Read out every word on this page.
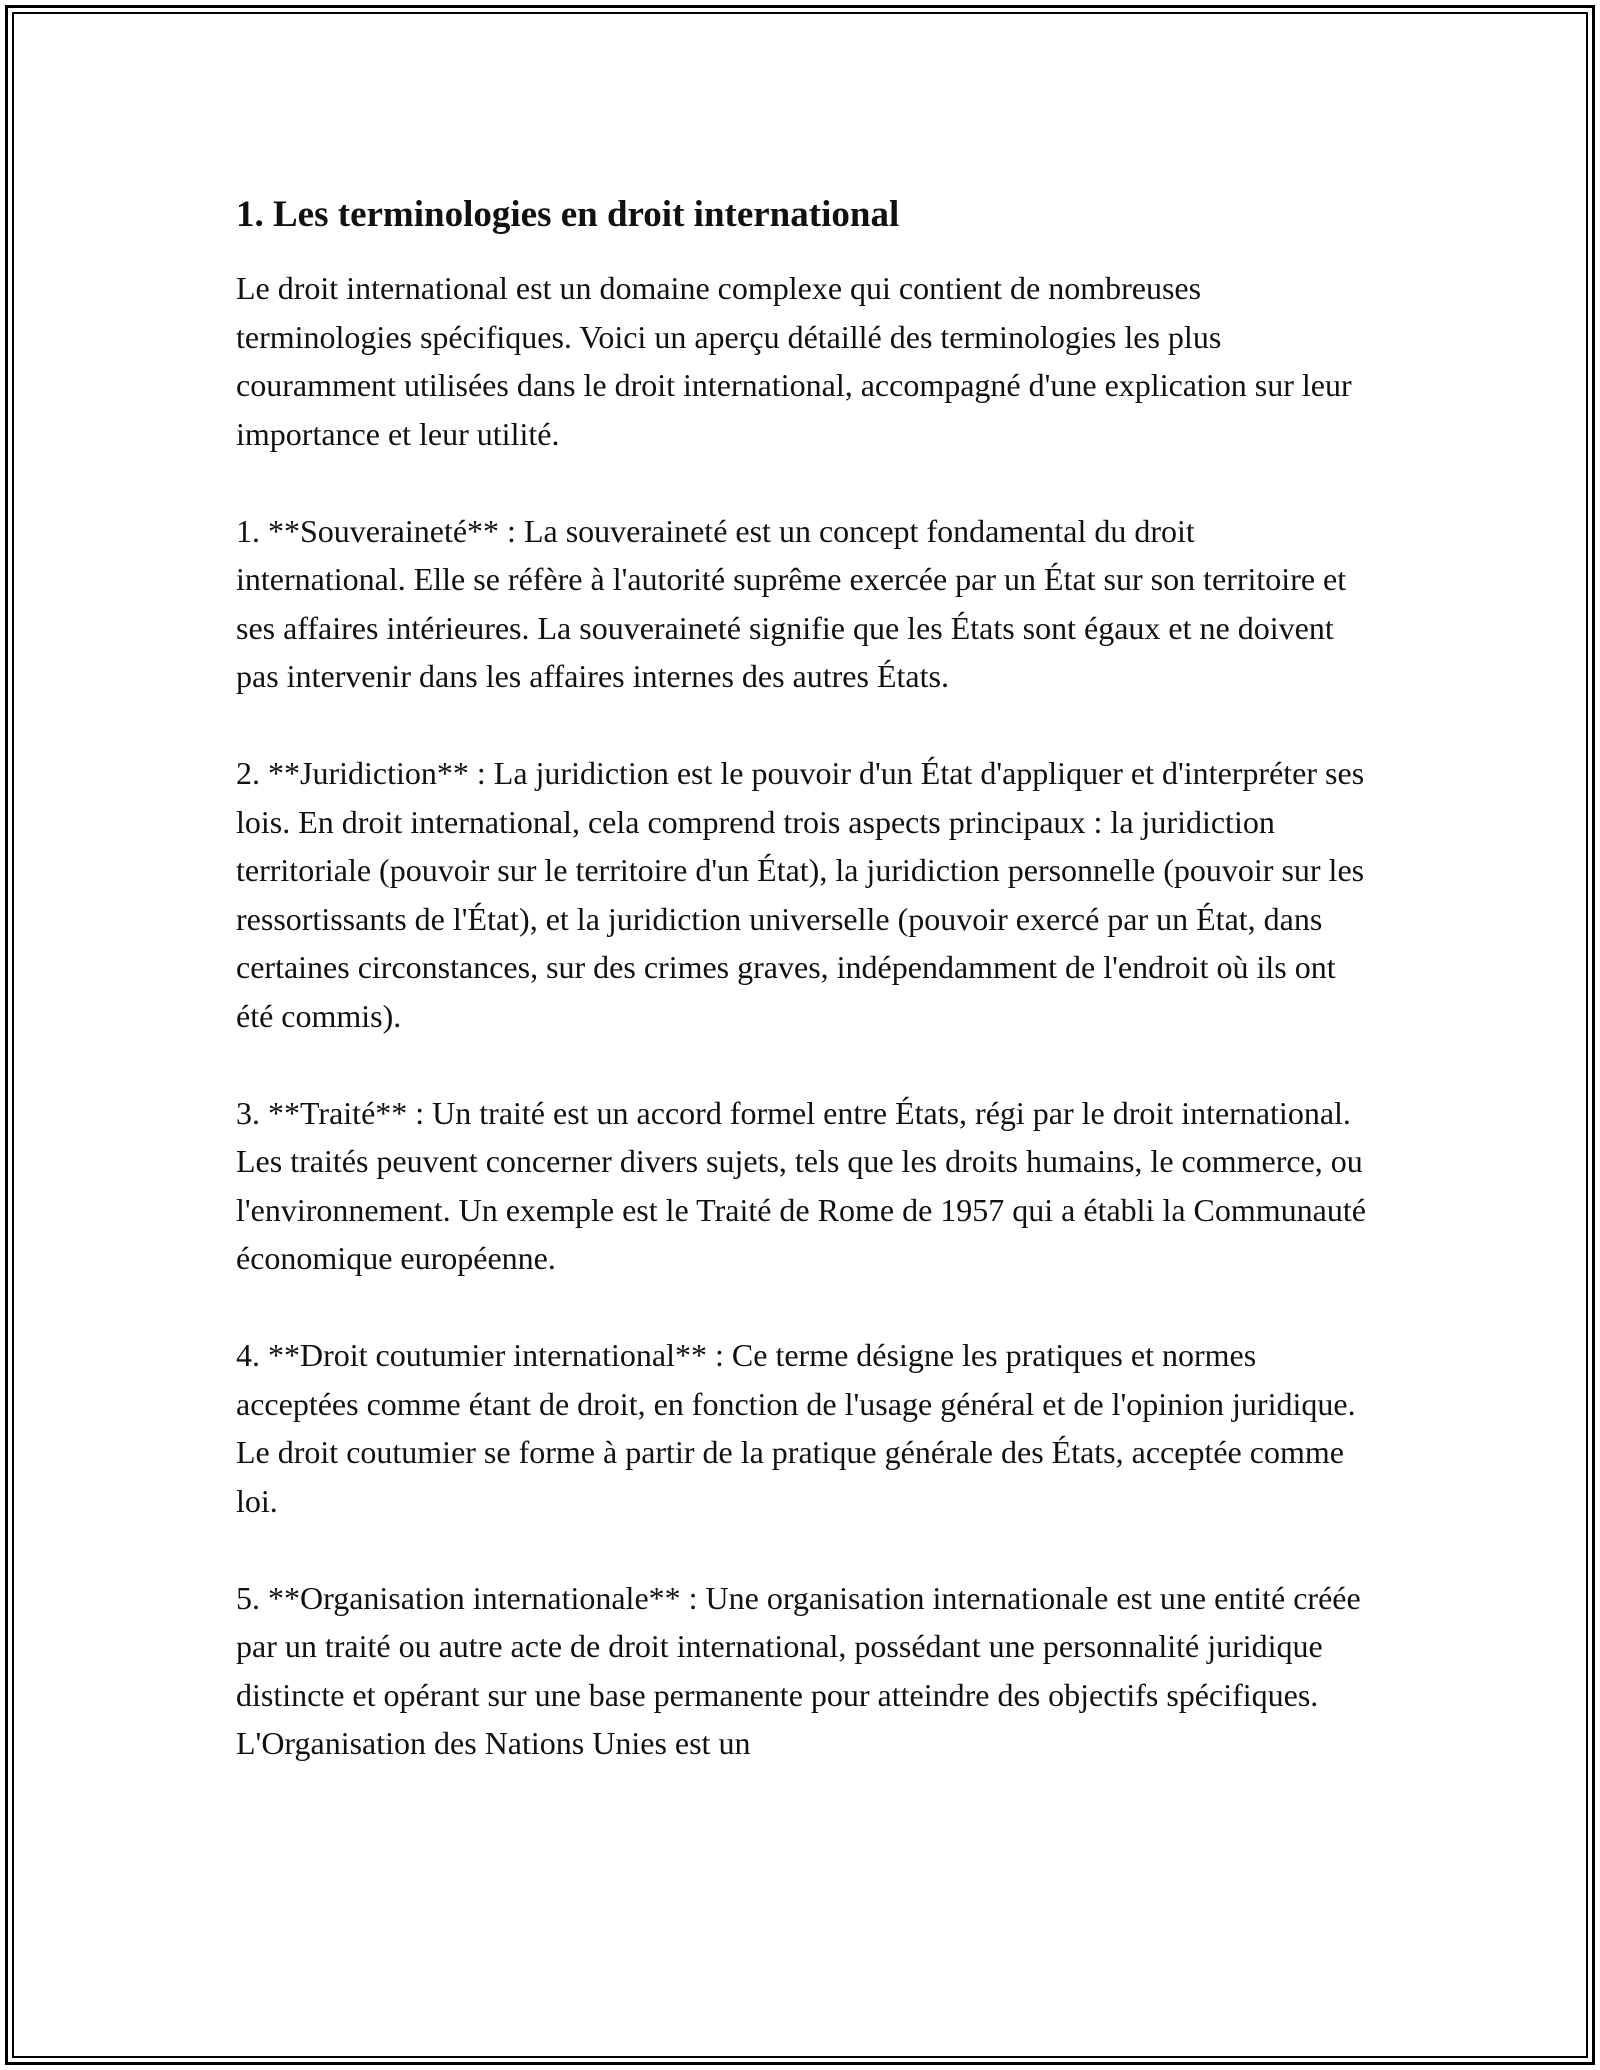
1. Les terminologies en droit international

Le droit international est un domaine complexe qui contient de nombreuses terminologies spécifiques. Voici un aperçu détaillé des terminologies les plus couramment utilisées dans le droit international, accompagné d'une explication sur leur importance et leur utilité.

1. **Souveraineté** : La souveraineté est un concept fondamental du droit international. Elle se réfère à l'autorité suprême exercée par un État sur son territoire et ses affaires intérieures. La souveraineté signifie que les États sont égaux et ne doivent pas intervenir dans les affaires internes des autres États.

2. **Juridiction** : La juridiction est le pouvoir d'un État d'appliquer et d'interpréter ses lois. En droit international, cela comprend trois aspects principaux : la juridiction territoriale (pouvoir sur le territoire d'un État), la juridiction personnelle (pouvoir sur les ressortissants de l'État), et la juridiction universelle (pouvoir exercé par un État, dans certaines circonstances, sur des crimes graves, indépendamment de l'endroit où ils ont été commis).

3. **Traité** : Un traité est un accord formel entre États, régi par le droit international. Les traités peuvent concerner divers sujets, tels que les droits humains, le commerce, ou l'environnement. Un exemple est le Traité de Rome de 1957 qui a établi la Communauté économique européenne.

4. **Droit coutumier international** : Ce terme désigne les pratiques et normes acceptées comme étant de droit, en fonction de l'usage général et de l'opinion juridique. Le droit coutumier se forme à partir de la pratique générale des États, acceptée comme loi.

5. **Organisation internationale** : Une organisation internationale est une entité créée par un traité ou autre acte de droit international, possédant une personnalité juridique distincte et opérant sur une base permanente pour atteindre des objectifs spécifiques. L'Organisation des Nations Unies est un
